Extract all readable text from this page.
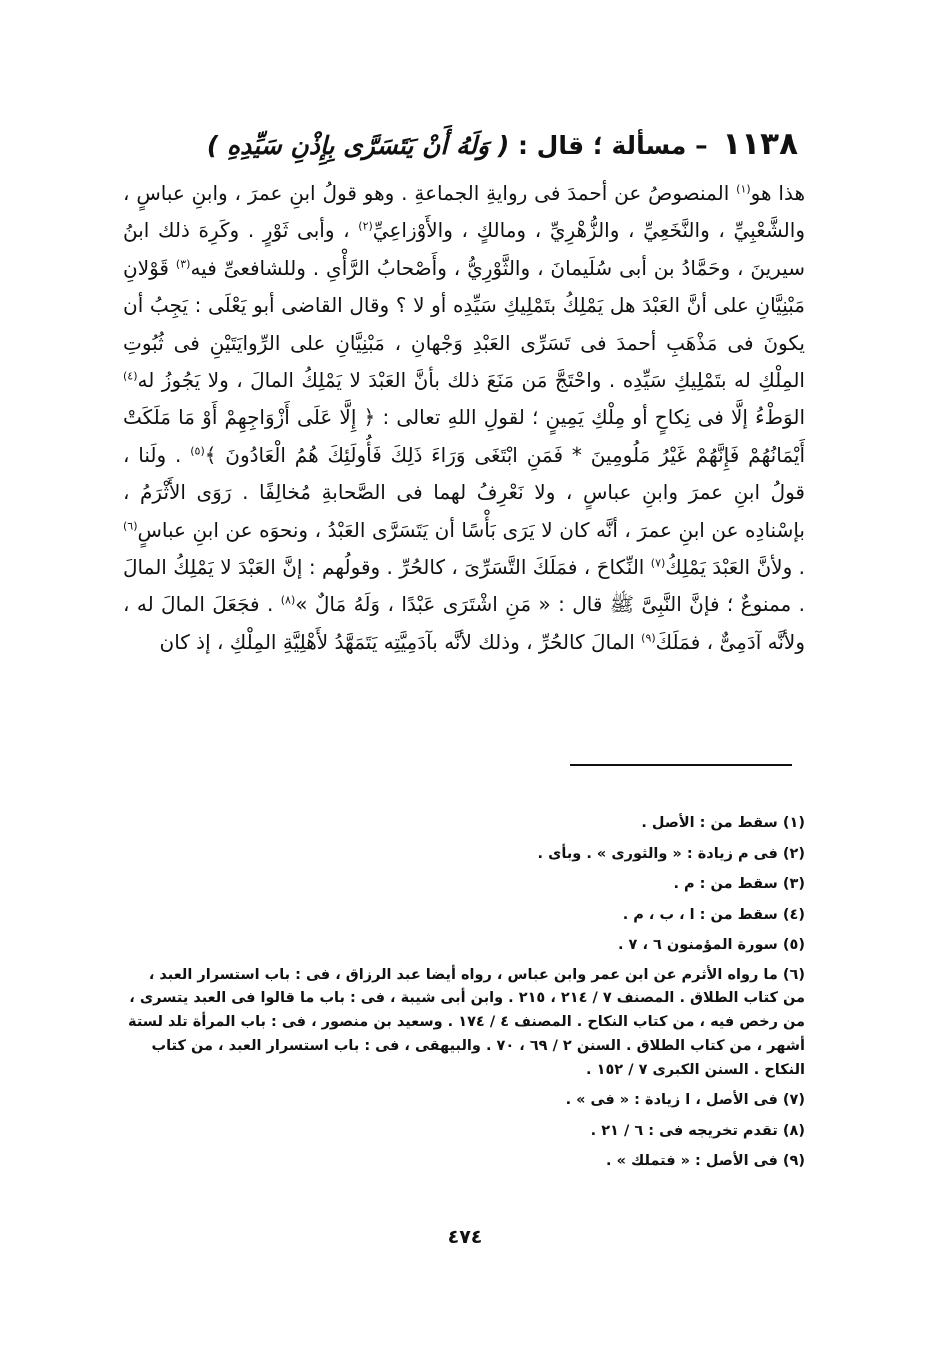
١١٣٨ – مسألة ؛ قال : ( وَلَهُ أَنْ يَتَسَرَّى بِإِذْنِ سَيِّدِهِ )
هذا هو$^{(١)}$ المنصوصُ عن أحمدَ فى روايةِ الجماعةِ . وهو قولُ ابنِ عمرَ ، وابنِ عباسٍ ، والشَّعْبِيِّ ، والنَّخَعِيِّ ، والزُّهْرِيِّ ، ومالكٍ ، والأَوْزاعِيِّ$^{(٢)}$ ، وأبى ثَوْرٍ . وكَرِهَ ذلك ابنُ سيرينَ ، وحَمَّادُ بن أبى سُلَيمانَ ، والثَّوْرِيُّ ، وأَصْحابُ الرَّأْىِ . وللشافعىِّ فيه$^{(٣)}$ قَوْلانِ مَبْنِيَّانِ على أنَّ العَبْدَ هل يَمْلِكُ بتَمْلِيكِ سَيِّدِه أو لا ؟ وقال القاضى أبو يَعْلَى : يَجِبُ أن يكونَ فى مَذْهَبِ أحمدَ فى تَسَرِّى العَبْدِ وَجْهانِ ، مَبْنِيَّانِ على الرِّوايَتَيْنِ فى ثُبُوتِ المِلْكِ له بتَمْلِيكِ سَيِّدِه . واحْتَجَّ مَن مَنَعَ ذلك بأنَّ العَبْدَ لا يَمْلِكُ المالَ ، ولا يَجُوزُ له$^{(٤)}$ الوَطْءُ إلَّا فى نِكاحٍ أو مِلْكِ يَمِينٍ ؛ لقولِ اللهِ تعالى : ﴿ إِلَّا عَلَى أَزْوَاجِهِمْ أَوْ مَا مَلَكَتْ أَيْمَانُهُمْ فَإِنَّهُمْ غَيْرُ مَلُومِينَ * فَمَنِ ابْتَغَى وَرَاءَ ذَلِكَ فَأُولَئِكَ هُمُ الْعَادُونَ ﴾$^{(٥)}$ . ولَنا ، قولُ ابنِ عمرَ وابنِ عباسٍ ، ولا نَعْرِفُ لهما فى الصَّحابةِ مُخالِفًا . رَوَى الأَثْرَمُ ، بإسْنادِه عن ابنِ عمرَ ، أنَّه كان لا يَرَى بَأْسًا أن يَتَسَرَّى العَبْدُ ، ونحوَه عن ابنِ عباسٍ$^{(٦)}$ . ولأنَّ العَبْدَ يَمْلِكُ$^{(٧)}$ النِّكاحَ ، فمَلَكَ التَّسَرِّىَ ، كالحُرِّ . وقولُهم : إنَّ العَبْدَ لا يَمْلِكُ المالَ . ممنوعٌ ؛ فإنَّ النَّبِىَّ ﷺ قال : « مَنِ اشْتَرَى عَبْدًا ، وَلَهُ مَالٌ »$^{(٨)}$ . فجَعَلَ المالَ له ، ولأنَّه آدَمِىٌّ ، فمَلَكَ$^{(٩)}$ المالَ كالحُرِّ ، وذلك لأنَّه بآدَمِيَّتِه يَتَمَهَّدُ لأَهْلِيَّةِ المِلْكِ ، إذ كان
(١) سقط من : الأصل .
(٢) فى م زيادة : « والثورى » . وبأى .
(٣) سقط من : م .
(٤) سقط من : ا ، ب ، م .
(٥) سورة المؤمنون ٦ ، ٧ .
(٦) ما رواه الأثرم عن ابن عمر وابن عباس ، رواه أيضا عبد الرزاق ، فى : باب استسرار العبد ، من كتاب الطلاق . المصنف ٧ / ٢١٤ ، ٢١٥ . وابن أبى شيبة ، فى : باب ما قالوا فى العبد يتسرى ، من رخص فيه ، من كتاب النكاح . المصنف ٤ / ١٧٤ . وسعيد بن منصور ، فى : باب المرأة تلد لستة أشهر ، من كتاب الطلاق . السنن ٢ / ٦٩ ، ٧٠ . والبيهقى ، فى : باب استسرار العبد ، من كتاب النكاح . السنن الكبرى ٧ / ١٥٢ .
(٧) فى الأصل ، ا زيادة : « فى » .
(٨) تقدم تخريجه فى : ٦ / ٢١ .
(٩) فى الأصل : « فتملك » .
٤٧٤
